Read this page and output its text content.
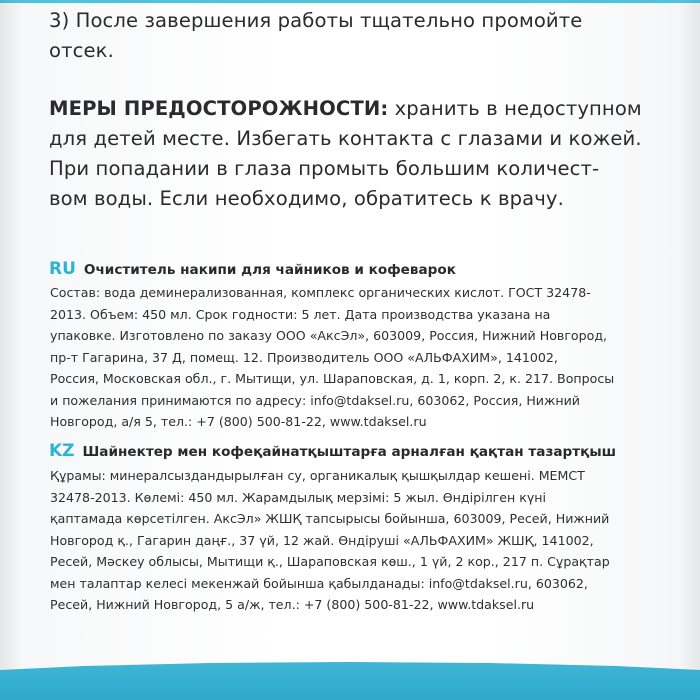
3) После завершения работы тщательно промойте
отсек.
МЕРЫ ПРЕДОСТОРОЖНОСТИ: хранить в недоступном
для детей месте. Избегать контакта с глазами и кожей.
При попадании в глаза промыть большим количест-
вом воды. Если необходимо, обратитесь к врачу.
RU Очиститель накипи для чайников и кофеварок
Состав: вода деминерализованная, комплекс органических кислот. ГОСТ 32478-
2013. Объем: 450 мл. Срок годности: 5 лет. Дата производства указана на
упаковке. Изготовлено по заказу ООО «АксЭл», 603009, Россия, Нижний Новгород,
пр-т Гагарина, 37 Д, помещ. 12. Производитель ООО «АЛЬФАХИМ», 141002,
Россия, Московская обл., г. Мытищи, ул. Шараповская, д. 1, корп. 2, к. 217. Вопросы
и пожелания принимаются по адресу: info@tdaksel.ru, 603062, Россия, Нижний
Новгород, а/я 5, тел.: +7 (800) 500-81-22, www.tdaksel.ru
KZ Шайнектер мен кофеқайнатқыштарға арналған қақтан тазартқыш
Құрамы: минералсыздандырылған су, органикалық қышқылдар кешені. МЕМСТ
32478-2013. Көлемі: 450 мл. Жарамдылық мерзімі: 5 жыл. Өндірілген күні
қаптамада көрсетілген. АксЭл» ЖШҚ тапсырысы бойынша, 603009, Ресей, Нижний
Новгород қ., Гагарин даңғ., 37 үй, 12 жай. Өндіруші «АЛЬФАХИМ» ЖШҚ, 141002,
Ресей, Мәскеу облысы, Мытищи қ., Шараповская көш., 1 үй, 2 кор., 217 п. Сұрақтар
мен талаптар келесі мекенжай бойынша қабылданады: info@tdaksel.ru, 603062,
Ресей, Нижний Новгород, 5 а/ж, тел.: +7 (800) 500-81-22, www.tdaksel.ru
